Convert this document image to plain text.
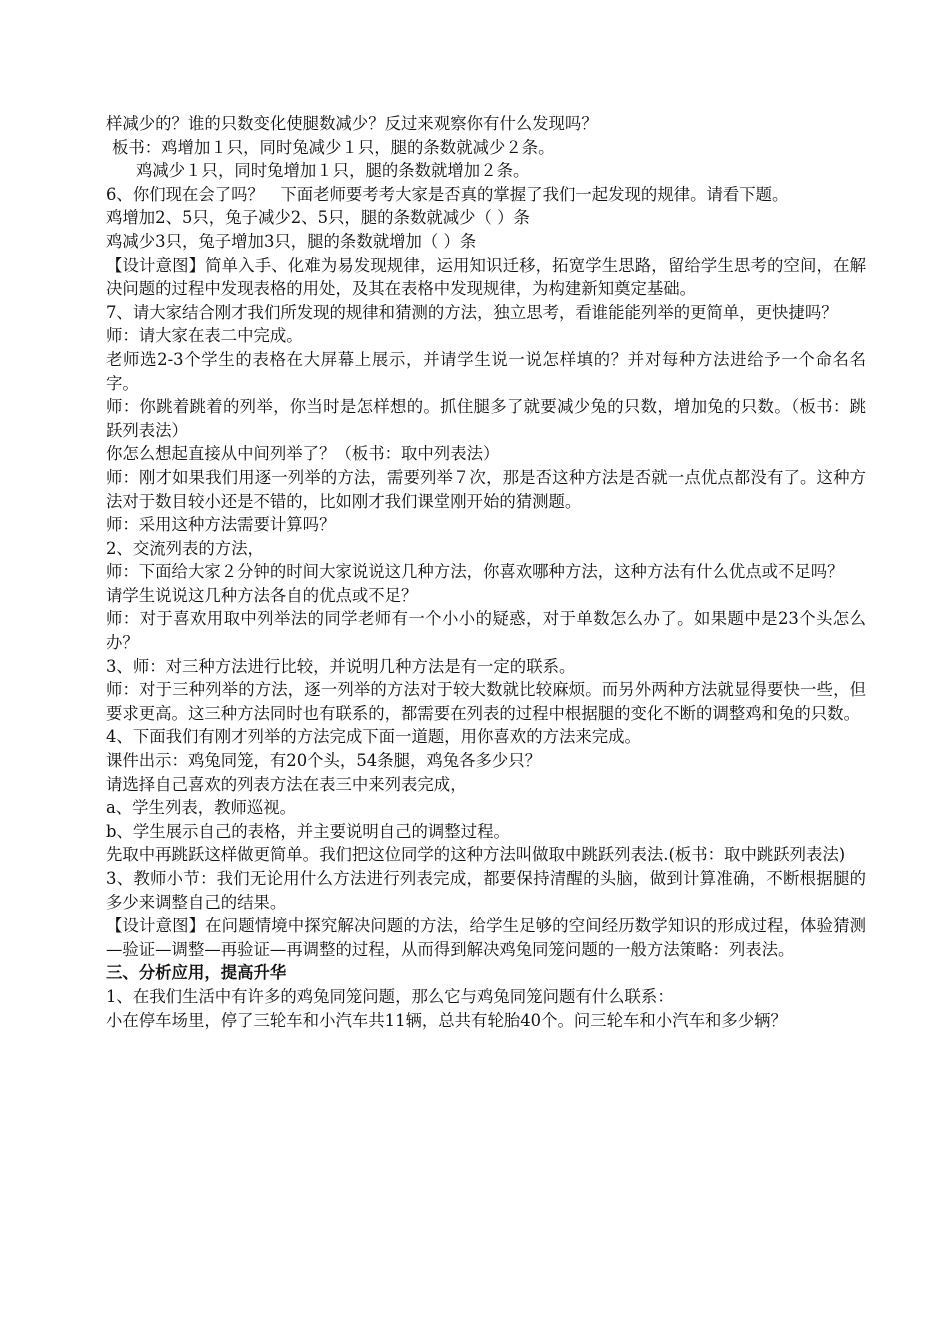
样减少的？谁的只数变化使腿数减少？反过来观察你有什么发现吗？

板书：鸡增加１只，同时兔减少１只，腿的条数就减少２条。

鸡减少１只，同时兔增加１只，腿的条数就增加２条。

6、你们现在会了吗？　下面老师要考考大家是否真的掌握了我们一起发现的规律。请看下题。

鸡增加2、5只，兔子减少2、5只，腿的条数就减少（ ）条

鸡减少3只，兔子增加3只，腿的条数就增加（ ）条

【设计意图】简单入手、化难为易发现规律，运用知识迁移，拓宽学生思路，留给学生思考的空间，在解决问题的过程中发现表格的用处，及其在表格中发现规律，为构建新知奠定基础。

7、请大家结合刚才我们所发现的规律和猜测的方法，独立思考，看谁能能列举的更简单，更快捷吗？

师：请大家在表二中完成。

老师选2-3个学生的表格在大屏幕上展示，并请学生说一说怎样填的？并对每种方法进给予一个命名名字。

师：你跳着跳着的列举，你当时是怎样想的。抓住腿多了就要减少兔的只数，增加兔的只数。（板书：跳跃列表法）

你怎么想起直接从中间列举了？（板书：取中列表法）

师：刚才如果我们用逐一列举的方法，需要列举７次，那是否这种方法是否就一点优点都没有了。这种方法对于数目较小还是不错的，比如刚才我们课堂刚开始的猜测题。

师：采用这种方法需要计算吗？

2、交流列表的方法，

师：下面给大家２分钟的时间大家说说这几种方法，你喜欢哪种方法，这种方法有什么优点或不足吗？

请学生说说这几种方法各自的优点或不足？

师：对于喜欢用取中列举法的同学老师有一个小小的疑惑，对于单数怎么办了。如果题中是23个头怎么办？

3、师：对三种方法进行比较，并说明几种方法是有一定的联系。

师：对于三种列举的方法，逐一列举的方法对于较大数就比较麻烦。而另外两种方法就显得要快一些，但要求更高。这三种方法同时也有联系的，都需要在列表的过程中根据腿的变化不断的调整鸡和兔的只数。

4、下面我们有刚才列举的方法完成下面一道题，用你喜欢的方法来完成。

课件出示：鸡兔同笼，有20个头，54条腿，鸡兔各多少只？

请选择自己喜欢的列表方法在表三中来列表完成，

a、学生列表，教师巡视。

b、学生展示自己的表格，并主要说明自己的调整过程。

先取中再跳跃这样做更简单。我们把这位同学的这种方法叫做取中跳跃列表法.(板书：取中跳跃列表法)

3、教师小节：我们无论用什么方法进行列表完成，都要保持清醒的头脑，做到计算准确，不断根据腿的多少来调整自己的结果。

【设计意图】在问题情境中探究解决问题的方法，给学生足够的空间经历数学知识的形成过程，体验猜测—验证—调整—再验证—再调整的过程，从而得到解决鸡兔同笼问题的一般方法策略：列表法。

三、分析应用，提高升华

1、在我们生活中有许多的鸡兔同笼问题，那么它与鸡兔同笼问题有什么联系：

小在停车场里，停了三轮车和小汽车共11辆，总共有轮胎40个。问三轮车和小汽车和多少辆？
